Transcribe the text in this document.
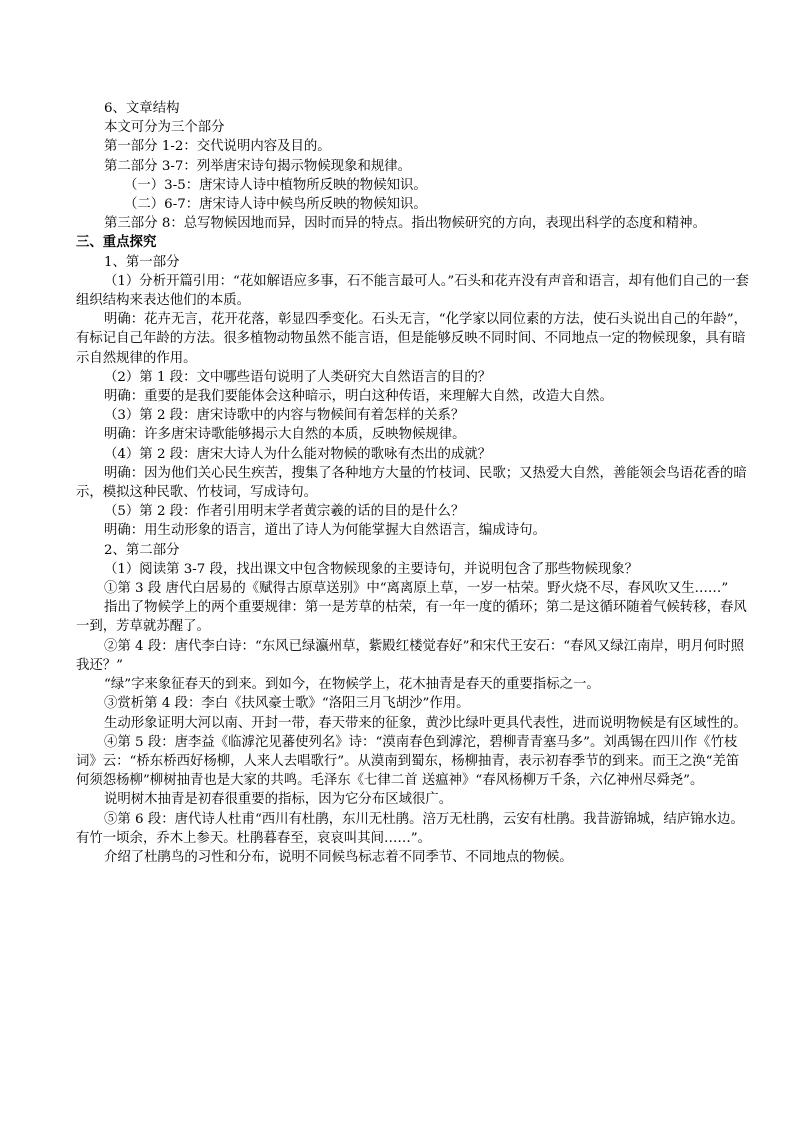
6、文章结构

本文可分为三个部分

第一部分 1-2：交代说明内容及目的。

第二部分 3-7：列举唐宋诗句揭示物候现象和规律。

（一）3-5：唐宋诗人诗中植物所反映的物候知识。

（二）6-7：唐宋诗人诗中候鸟所反映的物候知识。

第三部分 8：总写物候因地而异，因时而异的特点。指出物候研究的方向，表现出科学的态度和精神。

三、重点探究

1、第一部分

（1）分析开篇引用：“花如解语应多事，石不能言最可人。”石头和花卉没有声音和语言，却有他们自己的一套组织结构来表达他们的本质。

明确：花卉无言，花开花落，彰显四季变化。石头无言，“化学家以同位素的方法，使石头说出自己的年龄”，有标记自己年龄的方法。很多植物动物虽然不能言语，但是能够反映不同时间、不同地点一定的物候现象，具有暗示自然规律的作用。

（2）第 1 段：文中哪些语句说明了人类研究大自然语言的目的？

明确：重要的是我们要能体会这种暗示，明白这种传语，来理解大自然，改造大自然。

（3）第 2 段：唐宋诗歌中的内容与物候间有着怎样的关系？

明确：许多唐宋诗歌能够揭示大自然的本质，反映物候规律。

（4）第 2 段：唐宋大诗人为什么能对物候的歌咏有杰出的成就？

明确：因为他们关心民生疾苦，搜集了各种地方大量的竹枝词、民歌；又热爱大自然，善能领会鸟语花香的暗示，模拟这种民歌、竹枝词，写成诗句。

（5）第 2 段：作者引用明末学者黄宗羲的话的目的是什么？

明确：用生动形象的语言，道出了诗人为何能掌握大自然语言，编成诗句。

2、第二部分

（1）阅读第 3-7 段，找出课文中包含物候现象的主要诗句，并说明包含了那些物候现象？

①第 3 段 唐代白居易的《赋得古原草送别》中“离离原上草，一岁一枯荣。野火烧不尽，春风吹又生……”

指出了物候学上的两个重要规律：第一是芳草的枯荣，有一年一度的循环；第二是这循环随着气候转移，春风一到，芳草就苏醒了。

②第 4 段：唐代李白诗：“东风已绿瀛州草，紫殿红楼觉春好”和宋代王安石：“春风又绿江南岸，明月何时照我还？”

“绿”字来象征春天的到来。到如今，在物候学上，花木抽青是春天的重要指标之一。

③赏析第 4 段：李白《扶风豪士歌》“洛阳三月飞胡沙”作用。

生动形象证明大河以南、开封一带，春天带来的征象，黄沙比绿叶更具代表性，进而说明物候是有区域性的。

④第 5 段：唐李益《临滹沱见蕃使列名》诗：“漠南春色到滹沱，碧柳青青塞马多”。刘禹锡在四川作《竹枝词》云：“桥东桥西好杨柳，人来人去唱歌行”。从漠南到蜀东，杨柳抽青，表示初春季节的到来。而王之涣“羌笛何须怨杨柳”柳树抽青也是大家的共鸣。毛泽东《七律二首 送瘟神》“春风杨柳万千条，六亿神州尽舜尧”。

说明树木抽青是初春很重要的指标，因为它分布区域很广。

⑤第 6 段：唐代诗人杜甫“西川有杜鹃，东川无杜鹃。涪万无杜鹃，云安有杜鹃。我昔游锦城，结庐锦水边。有竹一顷余，乔木上参天。杜鹃暮春至，哀哀叫其间……”。

介绍了杜鹃鸟的习性和分布，说明不同候鸟标志着不同季节、不同地点的物候。
